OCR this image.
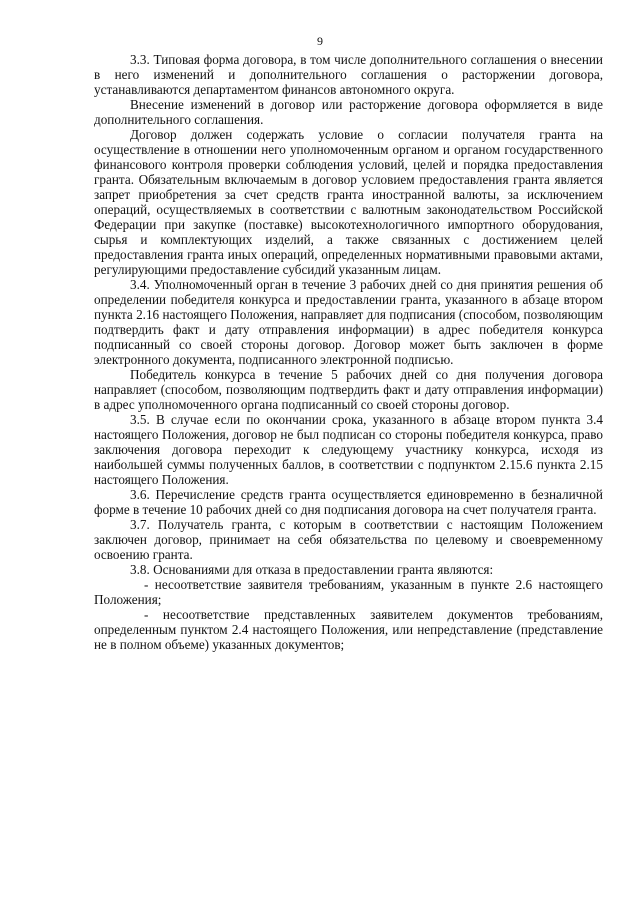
9

3.3. Типовая форма договора, в том числе дополнительного соглашения о внесении в него изменений и дополнительного соглашения о расторжении договора, устанавливаются департаментом финансов автономного округа.

Внесение изменений в договор или расторжение договора оформляется в виде дополнительного соглашения.

Договор должен содержать условие о согласии получателя гранта на осуществление в отношении него уполномоченным органом и органом государственного финансового контроля проверки соблюдения условий, целей и порядка предоставления гранта. Обязательным включаемым в договор условием предоставления гранта является запрет приобретения за счет средств гранта иностранной валюты, за исключением операций, осуществляемых в соответствии с валютным законодательством Российской Федерации при закупке (поставке) высокотехнологичного импортного оборудования, сырья и комплектующих изделий, а также связанных с достижением целей предоставления гранта иных операций, определенных нормативными правовыми актами, регулирующими предоставление субсидий указанным лицам.

3.4. Уполномоченный орган в течение 3 рабочих дней со дня принятия решения об определении победителя конкурса и предоставлении гранта, указанного в абзаце втором пункта 2.16 настоящего Положения, направляет для подписания (способом, позволяющим подтвердить факт и дату отправления информации) в адрес победителя конкурса подписанный со своей стороны договор. Договор может быть заключен в форме электронного документа, подписанного электронной подписью.

Победитель конкурса в течение 5 рабочих дней со дня получения договора направляет (способом, позволяющим подтвердить факт и дату отправления информации) в адрес уполномоченного органа подписанный со своей стороны договор.

3.5. В случае если по окончании срока, указанного в абзаце втором пункта 3.4 настоящего Положения, договор не был подписан со стороны победителя конкурса, право заключения договора переходит к следующему участнику конкурса, исходя из наибольшей суммы полученных баллов, в соответствии с подпунктом 2.15.6 пункта 2.15 настоящего Положения.

3.6. Перечисление средств гранта осуществляется единовременно в безналичной форме в течение 10 рабочих дней со дня подписания договора на счет получателя гранта.

3.7. Получатель гранта, с которым в соответствии с настоящим Положением заключен договор, принимает на себя обязательства по целевому и своевременному освоению гранта.

3.8. Основаниями для отказа в предоставлении гранта являются:

- несоответствие заявителя требованиям, указанным в пункте 2.6 настоящего Положения;

- несоответствие представленных заявителем документов требованиям, определенным пунктом 2.4 настоящего Положения, или непредставление (представление не в полном объеме) указанных документов;
